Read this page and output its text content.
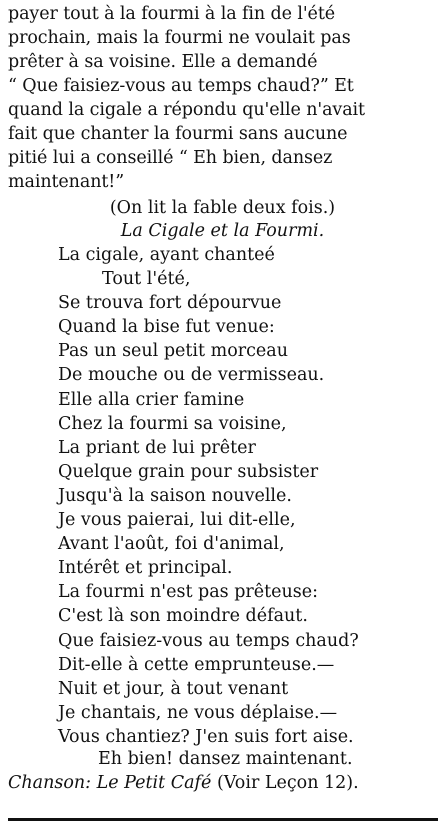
payer tout à la fourmi à la fin de l'été

prochain, mais la fourmi ne voulait pas

prêter à sa voisine. Elle a demandé

“ Que faisiez-vous au temps chaud?” Et

quand la cigale a répondu qu'elle n'avait

fait que chanter la fourmi sans aucune

pitié lui a conseillé “ Eh bien, dansez

maintenant!”

(On lit la fable deux fois.)
La Cigale et la Fourmi.
La cigale, ayant chanteé
Tout l'été,
Se trouva fort dépourvue
Quand la bise fut venue:
Pas un seul petit morceau
De mouche ou de vermisseau.
Elle alla crier famine
Chez la fourmi sa voisine,
La priant de lui prêter
Quelque grain pour subsister
Jusqu'à la saison nouvelle.
Je vous paierai, lui dit-elle,
Avant l'août, foi d'animal,
Intérêt et principal.
La fourmi n'est pas prêteuse:
C'est là son moindre défaut.
Que faisiez-vous au temps chaud?
Dit-elle à cette emprunteuse.—
Nuit et jour, à tout venant
Je chantais, ne vous déplaise.—
Vous chantiez? J'en suis fort aise.
Eh bien! dansez maintenant.
Chanson: Le Petit Café (Voir Leçon 12).
